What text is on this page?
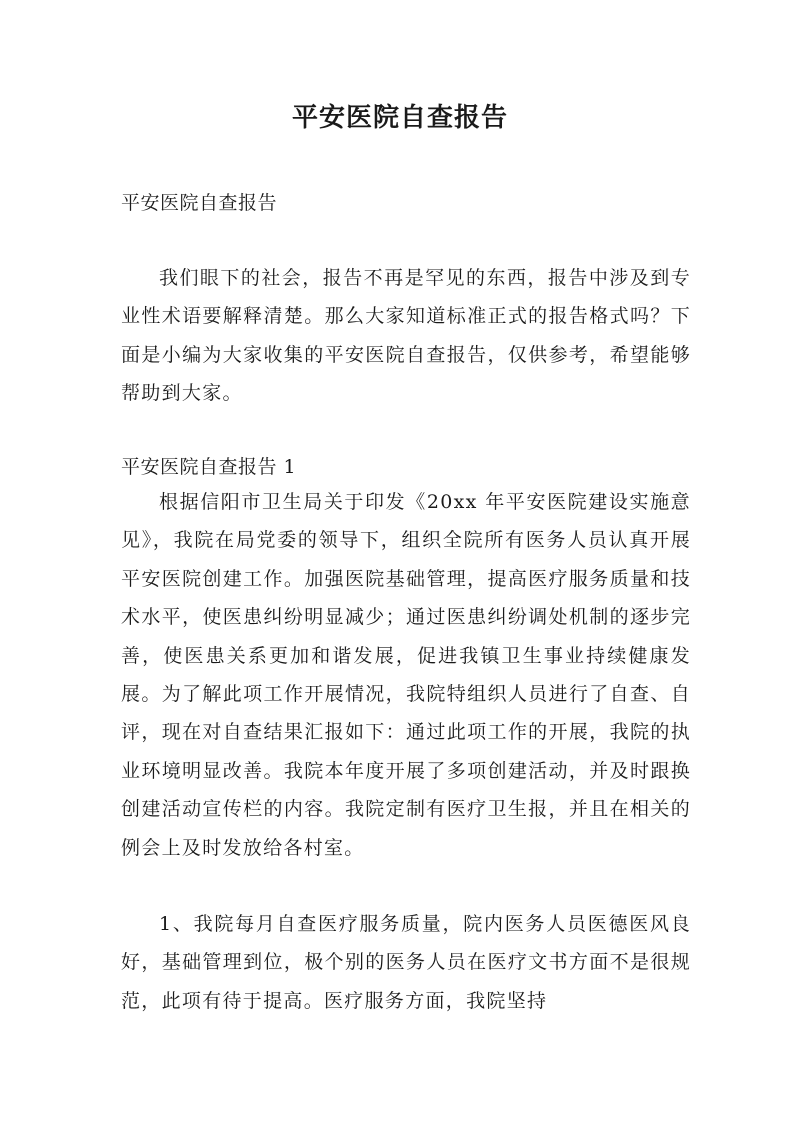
平安医院自查报告

平安医院自查报告

我们眼下的社会，报告不再是罕见的东西，报告中涉及到专业性术语要解释清楚。那么大家知道标准正式的报告格式吗？下面是小编为大家收集的平安医院自查报告，仅供参考，希望能够帮助到大家。

平安医院自查报告 1

根据信阳市卫生局关于印发《20xx 年平安医院建设实施意见》，我院在局党委的领导下，组织全院所有医务人员认真开展平安医院创建工作。加强医院基础管理，提高医疗服务质量和技术水平，使医患纠纷明显减少；通过医患纠纷调处机制的逐步完善，使医患关系更加和谐发展，促进我镇卫生事业持续健康发展。为了解此项工作开展情况，我院特组织人员进行了自查、自评，现在对自查结果汇报如下：通过此项工作的开展，我院的执业环境明显改善。我院本年度开展了多项创建活动，并及时跟换创建活动宣传栏的内容。我院定制有医疗卫生报，并且在相关的例会上及时发放给各村室。

1、我院每月自查医疗服务质量，院内医务人员医德医风良好，基础管理到位，极个别的医务人员在医疗文书方面不是很规范，此项有待于提高。医疗服务方面，我院坚持
